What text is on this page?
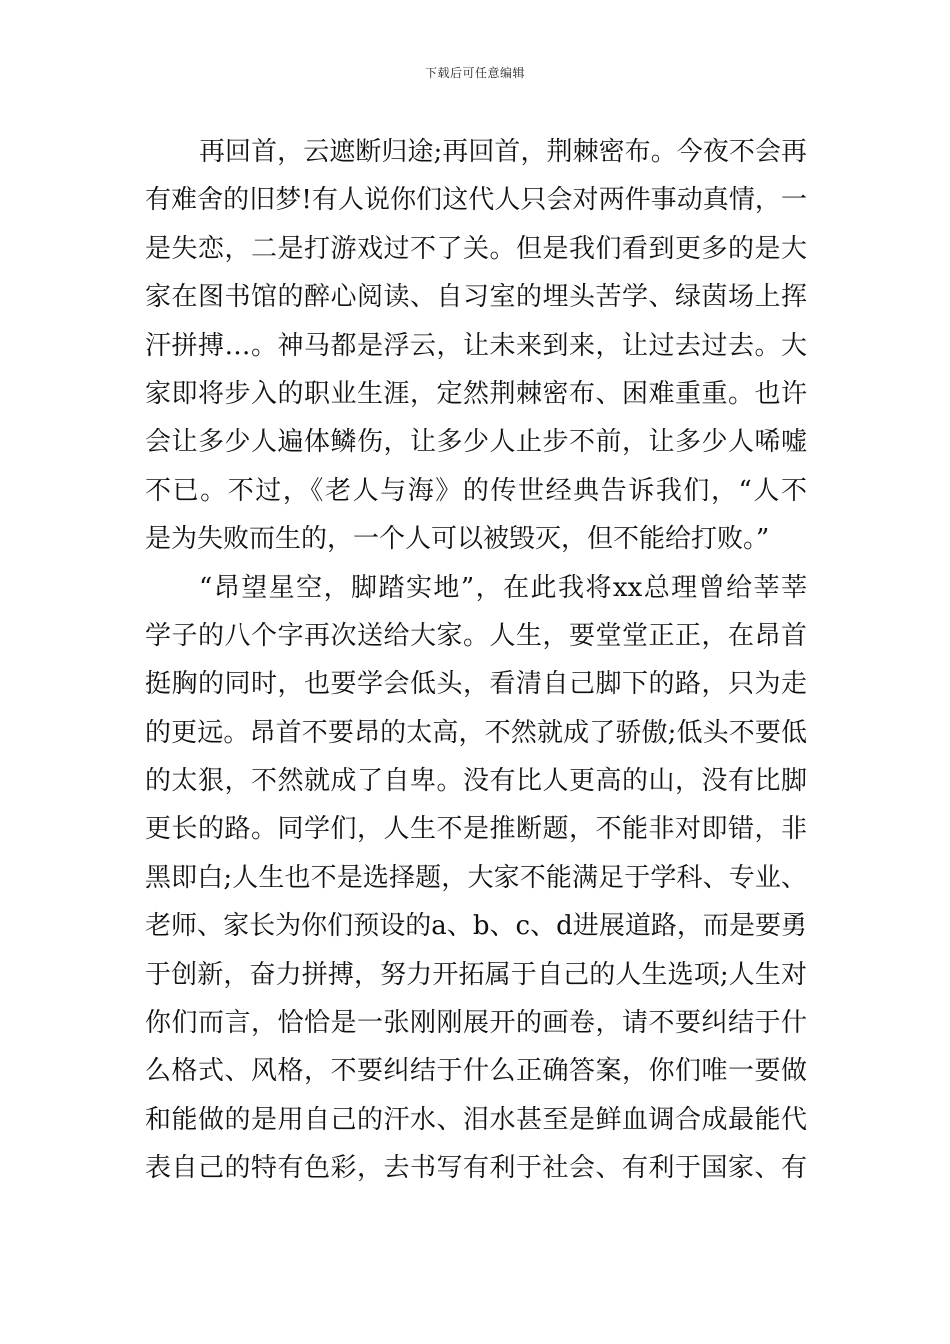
下载后可任意编辑
再回首，云遮断归途;再回首，荆棘密布。今夜不会再
有难舍的旧梦!有人说你们这代人只会对两件事动真情，一
是失恋，二是打游戏过不了关。但是我们看到更多的是大
家在图书馆的醉心阅读、自习室的埋头苦学、绿茵场上挥
汗拼搏…。神马都是浮云，让未来到来，让过去过去。大
家即将步入的职业生涯，定然荆棘密布、困难重重。也许
会让多少人遍体鳞伤，让多少人止步不前，让多少人唏嘘
不已。不过，《老人与海》的传世经典告诉我们，“人不
是为失败而生的，一个人可以被毁灭，但不能给打败。”
“昂望星空，脚踏实地”，在此我将xx总理曾给莘莘
学子的八个字再次送给大家。人生，要堂堂正正，在昂首
挺胸的同时，也要学会低头，看清自己脚下的路，只为走
的更远。昂首不要昂的太高，不然就成了骄傲;低头不要低
的太狠，不然就成了自卑。没有比人更高的山，没有比脚
更长的路。同学们，人生不是推断题，不能非对即错，非
黑即白;人生也不是选择题，大家不能满足于学科、专业、
老师、家长为你们预设的a、b、c、d进展道路，而是要勇
于创新，奋力拼搏，努力开拓属于自己的人生选项;人生对
你们而言，恰恰是一张刚刚展开的画卷，请不要纠结于什
么格式、风格，不要纠结于什么正确答案，你们唯一要做
和能做的是用自己的汗水、泪水甚至是鲜血调合成最能代
表自己的特有色彩，去书写有利于社会、有利于国家、有
